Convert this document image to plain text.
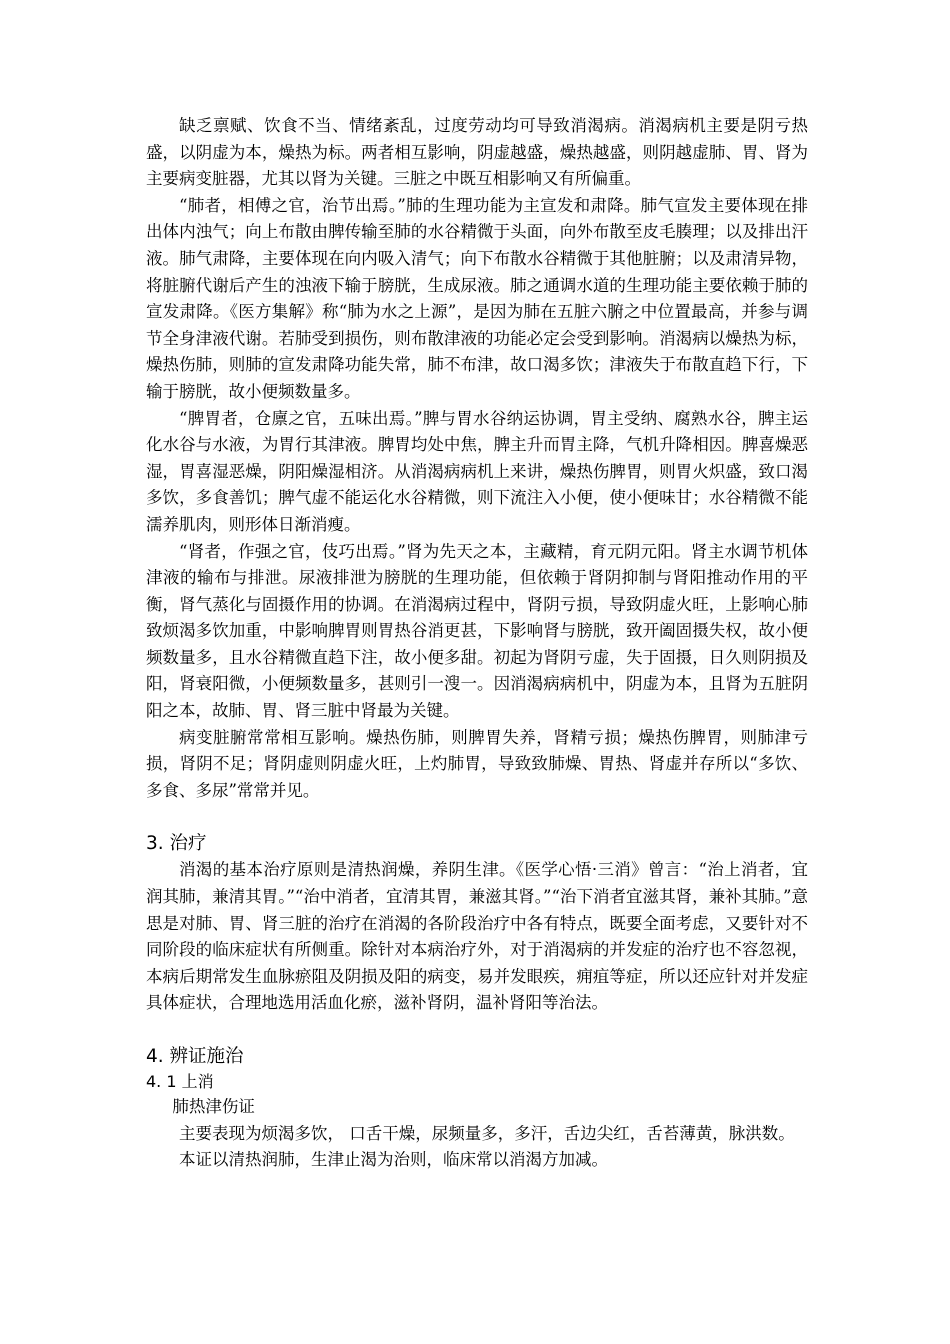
缺乏禀赋、饮食不当、情绪紊乱，过度劳动均可导致消渴病。消渴病机主要是阴亏热盛，以阴虚为本，燥热为标。两者相互影响，阴虚越盛，燥热越盛，则阴越虚肺、胃、肾为主要病变脏器，尤其以肾为关键。三脏之中既互相影响又有所偏重。

“肺者，相傅之官，治节出焉。”肺的生理功能为主宣发和肃降。肺气宣发主要体现在排出体内浊气；向上布散由脾传输至肺的水谷精微于头面，向外布散至皮毛腠理；以及排出汗液。肺气肃降，主要体现在向内吸入清气；向下布散水谷精微于其他脏腑；以及肃清异物，将脏腑代谢后产生的浊液下输于膀胱，生成尿液。肺之通调水道的生理功能主要依赖于肺的宣发肃降。《医方集解》称“肺为水之上源”，是因为肺在五脏六腑之中位置最高，并参与调节全身津液代谢。若肺受到损伤，则布散津液的功能必定会受到影响。消渴病以燥热为标，燥热伤肺，则肺的宣发肃降功能失常，肺不布津，故口渴多饮；津液失于布散直趋下行，下输于膀胱，故小便频数量多。

“脾胃者，仓廪之官，五味出焉。”脾与胃水谷纳运协调，胃主受纳、腐熟水谷，脾主运化水谷与水液，为胃行其津液。脾胃均处中焦，脾主升而胃主降，气机升降相因。脾喜燥恶湿，胃喜湿恶燥，阴阳燥湿相济。从消渴病病机上来讲，燥热伤脾胃，则胃火炽盛，致口渴多饮，多食善饥；脾气虚不能运化水谷精微，则下流注入小便，使小便味甘；水谷精微不能濡养肌肉，则形体日渐消瘦。

“肾者，作强之官，伎巧出焉。”肾为先天之本，主藏精，育元阴元阳。肾主水调节机体津液的输布与排泄。尿液排泄为膀胱的生理功能，但依赖于肾阴抑制与肾阳推动作用的平衡，肾气蒸化与固摄作用的协调。在消渴病过程中，肾阴亏损，导致阴虚火旺，上影响心肺致烦渴多饮加重，中影响脾胃则胃热谷消更甚，下影响肾与膀胱，致开阖固摄失权，故小便频数量多，且水谷精微直趋下注，故小便多甜。初起为肾阴亏虚，失于固摄，日久则阴损及阳，肾衰阳微，小便频数量多，甚则引一溲一。因消渴病病机中，阴虚为本，且肾为五脏阴阳之本，故肺、胃、肾三脏中肾最为关键。

病变脏腑常常相互影响。燥热伤肺，则脾胃失养，肾精亏损；燥热伤脾胃，则肺津亏损，肾阴不足；肾阴虚则阴虚火旺，上灼肺胃，导致致肺燥、胃热、肾虚并存所以“多饮、多食、多尿”常常并见。

3. 治疗

消渴的基本治疗原则是清热润燥，养阴生津。《医学心悟·三消》曾言：“治上消者，宜润其肺，兼清其胃。”“治中消者，宜清其胃，兼滋其肾。”“治下消者宜滋其肾，兼补其肺。”意思是对肺、胃、肾三脏的治疗在消渴的各阶段治疗中各有特点，既要全面考虑，又要针对不同阶段的临床症状有所侧重。除针对本病治疗外，对于消渴病的并发症的治疗也不容忽视，本病后期常发生血脉瘀阻及阴损及阳的病变，易并发眼疾，痈疽等症，所以还应针对并发症具体症状，合理地选用活血化瘀，滋补肾阴，温补肾阳等治法。

4. 辨证施治
4. 1 上消

肺热津伤证

主要表现为烦渴多饮， 口舌干燥，尿频量多，多汗，舌边尖红，舌苔薄黄，脉洪数。

本证以清热润肺，生津止渴为治则，临床常以消渴方加减。
